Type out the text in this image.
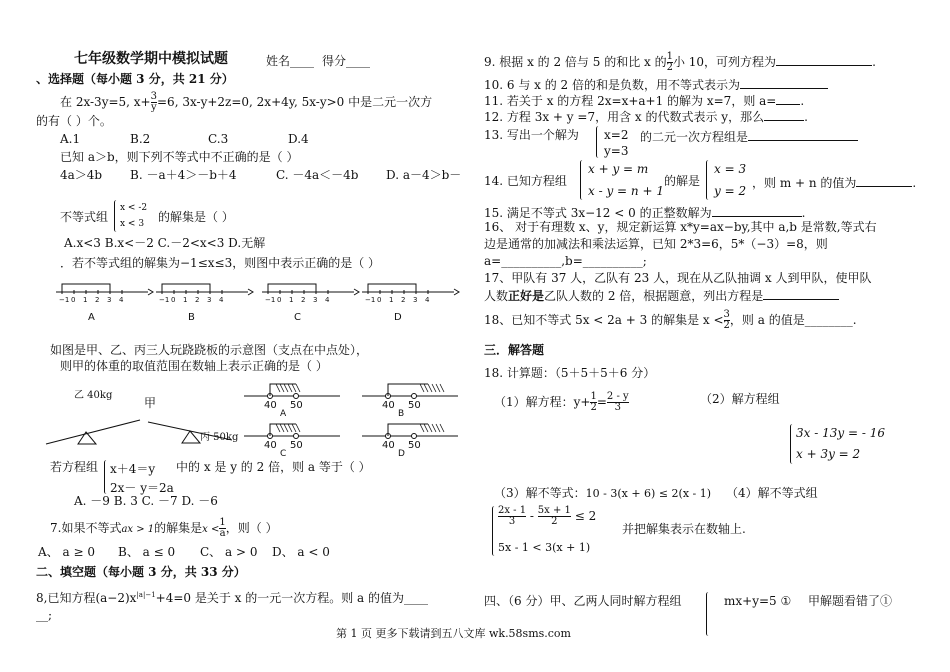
七年级数学期中模拟试题	姓名____ 得分____
、选择题（每小题 3 分，共 21 分）
在 2x-3y=5, $x+ \frac{3}{y} =6$, 3x-y+2z=0, 2x+4y, 5x-y>0 中是二元一次方
的有（ ）个。
A.1	B.2	C.3	D.4
已知 a＞b，则下列不等式中不正确的是（ ）
4a＞4b B. －a＋4＞－b＋4	C. －4a＜－4b D. a－4＞b－
不等式组
x < -2
x < 3 的解集是（ ）
A.x<3 B.x<－2 C.－2<x<3 D.无解
．若不等式组的解集为−1≤x≤3，则图中表示正确的是（ ）
−1 0 1 2 3 4
A
−1 0 1 2 3 4
B
−1 0 1 2 3 4
C
−1 0 1 2 3 4
D
如图是甲、乙、丙三人玩跷跷板的示意图（支点在中点处），
则甲的体重的取值范围在数轴上表示正确的是（ ）
乙 40kg
甲
丙 50kg
40 50
A
40 50
B
40 50
C
40 50
D
若方程组 x＋4＝y
2x－ y＝2a
中的 x 是 y 的 2 倍，则 a 等于（ ）
A. －9 B. 3 C. －7 D. －6
7.如果不等式ax > 1的解集是$x < \frac{1}{a}$ ，则（ ）
A、 a ≥ 0 B、 a ≤ 0 C、 a > 0 D、 a < 0
二、填空题（每小题 3 分，共 33 分）
8,已知方程$(a-2)x^{|a|-1}+4=0$ 是关于 x 的一元一次方程。则 a 的值为____
__;
9. 根据 x 的 2 倍与 5 的和比 x 的 $\frac{1}{2}$ 小 10，可列方程为	.
10. 6 与 x 的 2 倍的和是负数，用不等式表示为
11. 若关于 x 的方程 2x=x+a+1 的解为 x=7，则 a= .
12. 方程 3x + y =7，用含 x 的代数式表示 y，那么	.
13. 写出一个解为 x=2
y=3
的二元一次方程组是
14. 已知方程组
x + y = m
x - y = n + 1
的解是
x = 3
y = 2
，则 m + n 的值为	.
15. 满足不等式 3x−12 < 0 的正整数解为	.
16、 对于有理数 x、y，规定新运算 x*y=ax−by,其中 a,b 是常数,等式右
边是通常的加减法和乘法运算，已知 2*3=6，5*（−3）=8，则
a=__________,b=__________;
17、甲队有 37 人，乙队有 23 人，现在从乙队抽调 x 人到甲队，使甲队
人数正好是乙队人数的 2 倍，根据题意，列出方程是
18、已知不等式 5x < 2a + 3 的解集是 $x < \frac{3}{2}$ ，则 a 的值是________.
三．解答题
18. 计算题：（5＋5＋5＋6 分）
（1）解方程：$y+ \frac{1}{2} = \frac{2 - y}{3}$	（2）解方程组
3x - 13y = - 16
x + 3y = 2
（3）解不等式：10 - 3(x + 6) ≤ 2(x - 1) （4）解不等式组
$\frac{2x - 1}{3} - \frac{5x + 1}{2} \le 2$
5x - 1 < 3(x + 1)
并把解集表示在数轴上.
四、（6 分）甲、乙两人同时解方程组	mx+y=5 ① 甲解题看错了①
第 1 页 更多下载请到五八文库 wk.58sms.com
